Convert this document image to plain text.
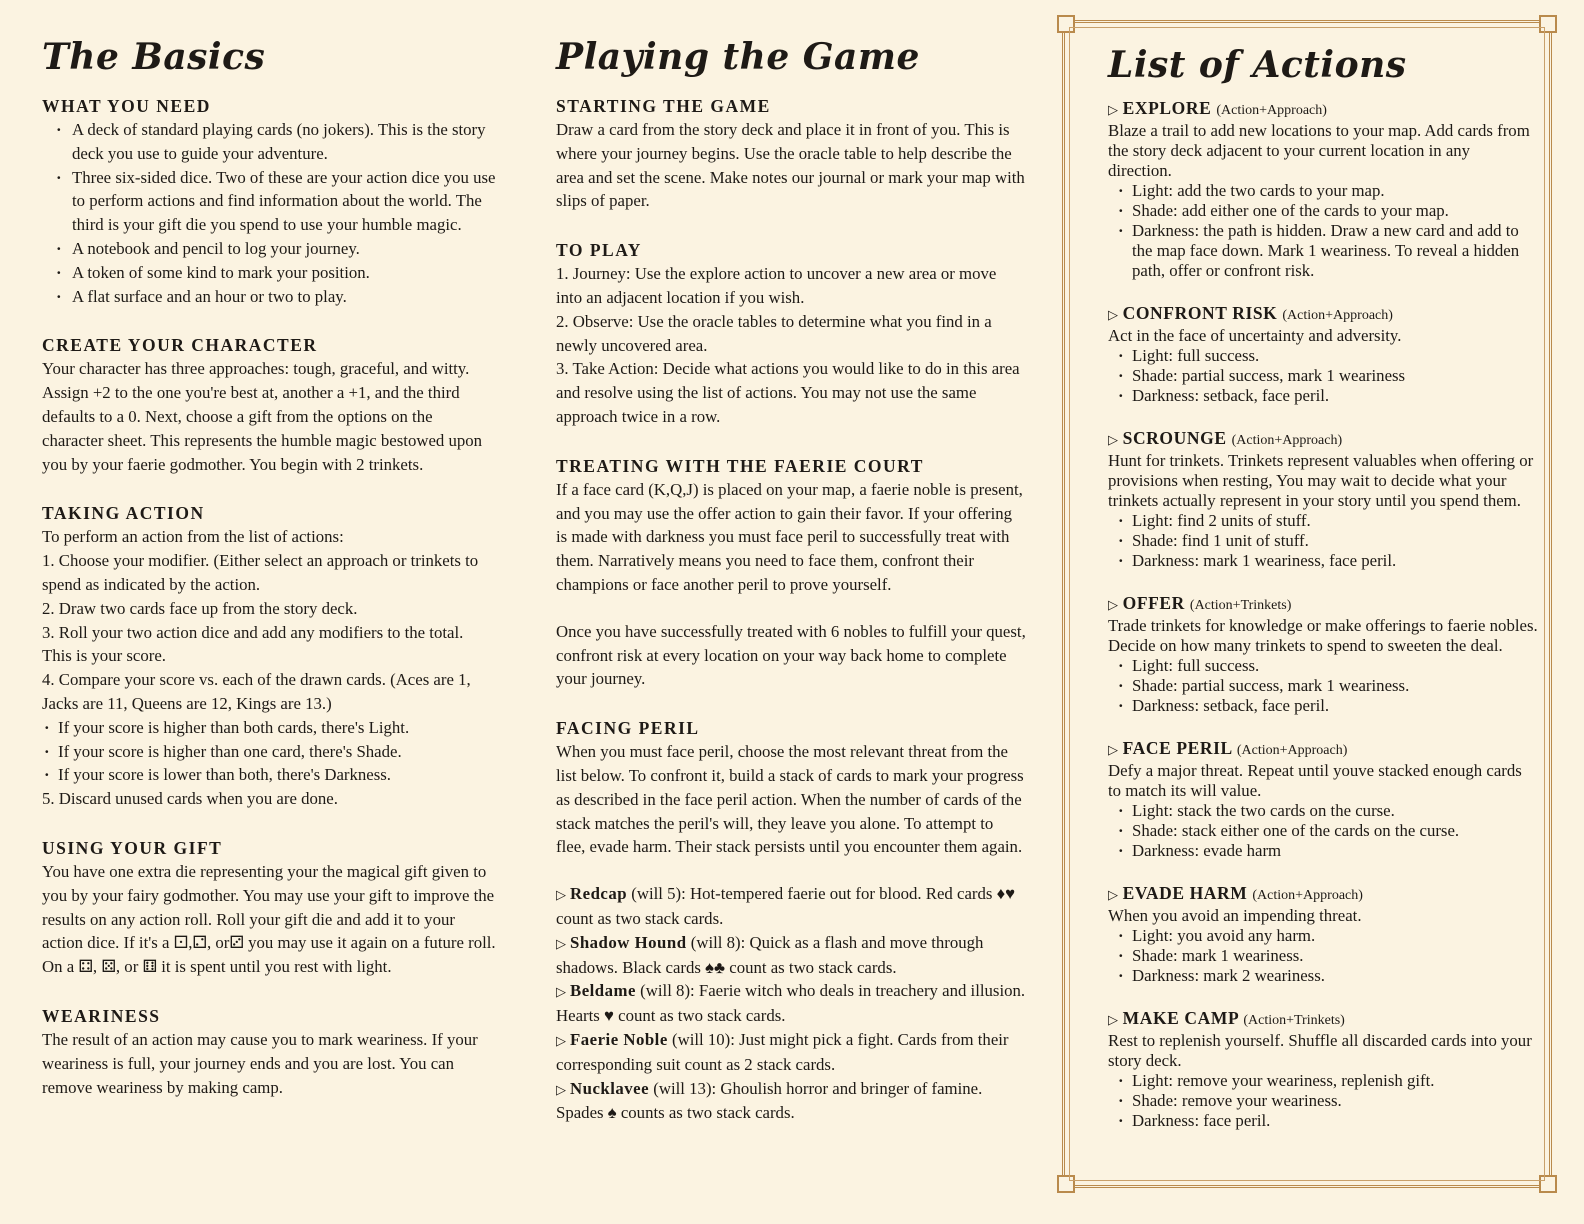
The Basics
WHAT YOU NEED
· A deck of standard playing cards (no jokers). This is the story deck you use to guide your adventure.
· Three six-sided dice. Two of these are your action dice you use to perform actions and find information about the world. The third is your gift die you spend to use your humble magic.
· A notebook and pencil to log your journey.
· A token of some kind to mark your position.
· A flat surface and an hour or two to play.
CREATE YOUR CHARACTER

Your character has three approaches: tough, graceful, and witty. Assign +2 to the one you're best at, another a +1, and the third defaults to a 0. Next, choose a gift from the options on the character sheet. This represents the humble magic bestowed upon you by your faerie godmother. You begin with 2 trinkets.

TAKING ACTION

To perform an action from the list of actions:

1. Choose your modifier. (Either select an approach or trinkets to spend as indicated by the action.

2. Draw two cards face up from the story deck.

3. Roll your two action dice and add any modifiers to the total. This is your score.

4. Compare your score vs. each of the drawn cards. (Aces are 1, Jacks are 11, Queens are 12, Kings are 13.)

· If your score is higher than both cards, there's Light.
· If your score is higher than one card, there's Shade.
· If your score is lower than both, there's Darkness.

5. Discard unused cards when you are done.

USING YOUR GIFT

You have one extra die representing your the magical gift given to you by your fairy godmother. You may use your gift to improve the results on any action roll. Roll your gift die and add it to your action dice. If it's a ⚀,⚁, or⚂ you may use it again on a future roll. On a ⚃, ⚄, or ⚅ it is spent until you rest with light.

WEARINESS

The result of an action may cause you to mark weariness. If your weariness is full, your journey ends and you are lost. You can remove weariness by making camp.

Playing the Game
STARTING THE GAME

Draw a card from the story deck and place it in front of you. This is where your journey begins. Use the oracle table to help describe the area and set the scene. Make notes our journal or mark your map with slips of paper.

TO PLAY

1. Journey: Use the explore action to uncover a new area or move into an adjacent location if you wish.

2. Observe: Use the oracle tables to determine what you find in a newly uncovered area.

3. Take Action: Decide what actions you would like to do in this area and resolve using the list of actions. You may not use the same approach twice in a row.

TREATING WITH THE FAERIE COURT

If a face card (K,Q,J) is placed on your map, a faerie noble is present, and you may use the offer action to gain their favor. If your offering is made with darkness you must face peril to successfully treat with them. Narratively means you need to face them, confront their champions or face another peril to prove yourself.

Once you have successfully treated with 6 nobles to fulfill your quest, confront risk at every location on your way back home to complete your journey.

FACING PERIL

When you must face peril, choose the most relevant threat from the list below. To confront it, build a stack of cards to mark your progress as described in the face peril action. When the number of cards of the stack matches the peril's will, they leave you alone. To attempt to flee, evade harm. Their stack persists until you encounter them again.

▷ Redcap (will 5): Hot-tempered faerie out for blood. Red cards ♦♥ count as two stack cards.

▷ Shadow Hound (will 8): Quick as a flash and move through shadows. Black cards ♠♣ count as two stack cards.

▷ Beldame (will 8): Faerie witch who deals in treachery and illusion. Hearts ♥ count as two stack cards.

▷ Faerie Noble (will 10): Just might pick a fight. Cards from their corresponding suit count as 2 stack cards.

▷ Nucklavee (will 13): Ghoulish horror and bringer of famine. Spades ♠ counts as two stack cards.

List of Actions
▷ EXPLORE (Action+Approach)

Blaze a trail to add new locations to your map. Add cards from the story deck adjacent to your current location in any direction.

· Light: add the two cards to your map.
· Shade: add either one of the cards to your map.
· Darkness: the path is hidden. Draw a new card and add to the map face down. Mark 1 weariness. To reveal a hidden path, offer or confront risk.
▷ CONFRONT RISK (Action+Approach)

Act in the face of uncertainty and adversity.

· Light: full success.
· Shade: partial success, mark 1 weariness
· Darkness: setback, face peril.
▷ SCROUNGE (Action+Approach)

Hunt for trinkets. Trinkets represent valuables when offering or provisions when resting, You may wait to decide what your trinkets actually represent in your story until you spend them.

· Light: find 2 units of stuff.
· Shade: find 1 unit of stuff.
· Darkness: mark 1 weariness, face peril.
▷ OFFER (Action+Trinkets)

Trade trinkets for knowledge or make offerings to faerie nobles. Decide on how many trinkets to spend to sweeten the deal.

· Light: full success.
· Shade: partial success, mark 1 weariness.
· Darkness: setback, face peril.
▷ FACE PERIL (Action+Approach)

Defy a major threat. Repeat until youve stacked enough cards to match its will value.

· Light: stack the two cards on the curse.
· Shade: stack either one of the cards on the curse.
· Darkness: evade harm
▷ EVADE HARM (Action+Approach)

When you avoid an impending threat.

· Light: you avoid any harm.
· Shade: mark 1 weariness.
· Darkness: mark 2 weariness.
▷ MAKE CAMP (Action+Trinkets)

Rest to replenish yourself. Shuffle all discarded cards into your story deck.

· Light: remove your weariness, replenish gift.
· Shade: remove your weariness.
· Darkness: face peril.
